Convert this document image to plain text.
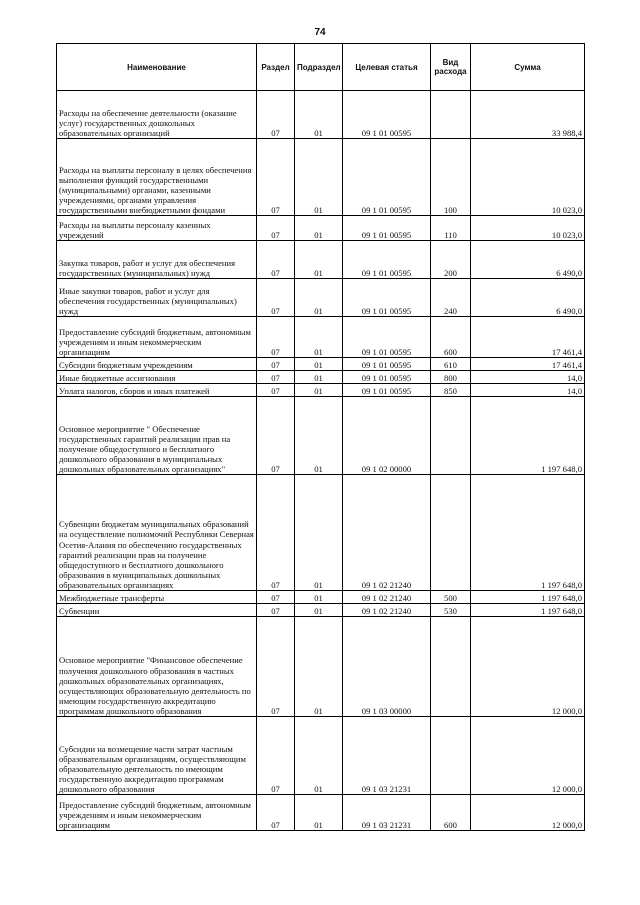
74
Наименование	Раздел	Подраздел	Целевая статья	Вид расхода	Сумма
Расходы на обеспечение деятельности (оказание услуг) государственных дошкольных образовательных организаций	07	01	09 1 01 00595		33 988,4
Расходы на выплаты персоналу в целях обеспечения выполнения функций государственными (муниципальными) органами, казенными учреждениями, органами управления государственными внебюджетными фондами	07	01	09 1 01 00595	100	10 023,0
Расходы на выплаты персоналу казенных учреждений	07	01	09 1 01 00595	110	10 023,0
Закупка товаров, работ и услуг для обеспечения государственных (муниципальных) нужд	07	01	09 1 01 00595	200	6 490,0
Иные закупки товаров, работ и услуг для обеспечения государственных (муниципальных) нужд	07	01	09 1 01 00595	240	6 490,0
Предоставление субсидий бюджетным, автономным учреждениям и иным некоммерческим организациям	07	01	09 1 01 00595	600	17 461,4
Субсидии бюджетным учреждениям	07	01	09 1 01 00595	610	17 461,4
Иные бюджетные ассигнования	07	01	09 1 01 00595	800	14,0
Уплата налогов, сборов и иных платежей	07	01	09 1 01 00595	850	14,0
Основное мероприятие " Обеспечение государственных гарантий реализации прав на получение общедоступного и бесплатного дошкольного образования в муниципальных дошкольных образовательных организациях"	07	01	09 1 02 00000		1 197 648,0
Субвенции бюджетам муниципальных образований на осуществление полномочий Республики Северная Осетия-Алания по обеспечению государственных гарантий реализации прав на получение общедоступного и бесплатного дошкольного образования в муниципальных дошкольных образовательных организациях	07	01	09 1 02 21240		1 197 648,0
Межбюджетные трансферты	07	01	09 1 02 21240	500	1 197 648,0
Субвенции	07	01	09 1 02 21240	530	1 197 648,0
Основное мероприятие "Финансовое обеспечение получения дошкольного образования в частных дошкольных образовательных организациях, осуществляющих образовательную деятельность по имеющим государственную аккредитацию программам дошкольного образования	07	01	09 1 03 00000		12 000,0
Субсидии на возмещение части затрат частным образовательным организациям, осуществляющим образовательную деятельность по имеющим государственную аккредитацию программам дошкольного образования	07	01	09 1 03 21231		12 000,0
Предоставление субсидий бюджетным, автономным учреждениям и иным некоммерческим организациям	07	01	09 1 03 21231	600	12 000,0
